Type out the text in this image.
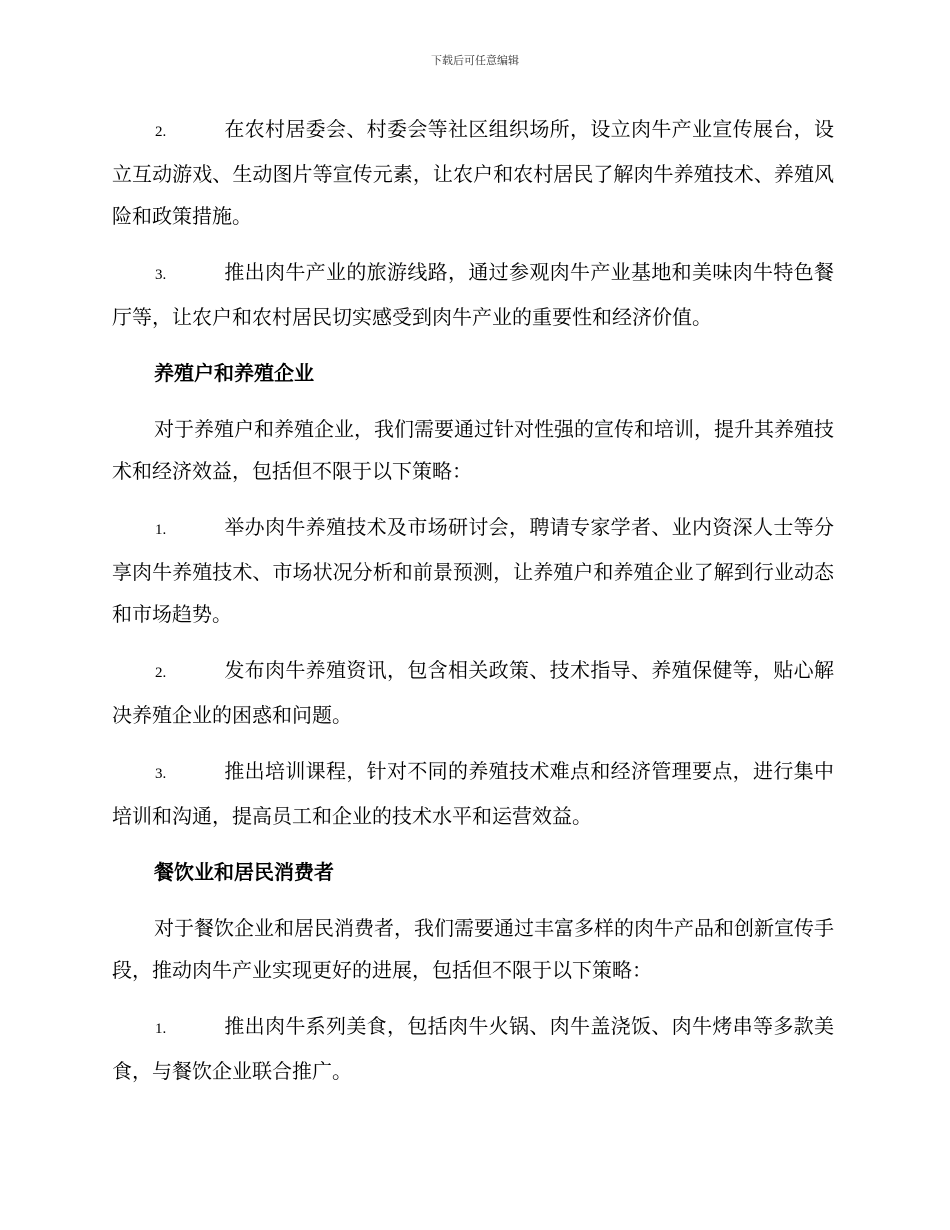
下载后可任意编辑
2.	在农村居委会、村委会等社区组织场所，设立肉牛产业宣传展台，设立互动游戏、生动图片等宣传元素，让农户和农村居民了解肉牛养殖技术、养殖风险和政策措施。
3.	推出肉牛产业的旅游线路，通过参观肉牛产业基地和美味肉牛特色餐厅等，让农户和农村居民切实感受到肉牛产业的重要性和经济价值。
养殖户和养殖企业
对于养殖户和养殖企业，我们需要通过针对性强的宣传和培训，提升其养殖技术和经济效益，包括但不限于以下策略：
1.	举办肉牛养殖技术及市场研讨会，聘请专家学者、业内资深人士等分享肉牛养殖技术、市场状况分析和前景预测，让养殖户和养殖企业了解到行业动态和市场趋势。
2.	发布肉牛养殖资讯，包含相关政策、技术指导、养殖保健等，贴心解决养殖企业的困惑和问题。
3.	推出培训课程，针对不同的养殖技术难点和经济管理要点，进行集中培训和沟通，提高员工和企业的技术水平和运营效益。
餐饮业和居民消费者
对于餐饮企业和居民消费者，我们需要通过丰富多样的肉牛产品和创新宣传手段，推动肉牛产业实现更好的进展，包括但不限于以下策略：
1.	推出肉牛系列美食，包括肉牛火锅、肉牛盖浇饭、肉牛烤串等多款美食，与餐饮企业联合推广。
